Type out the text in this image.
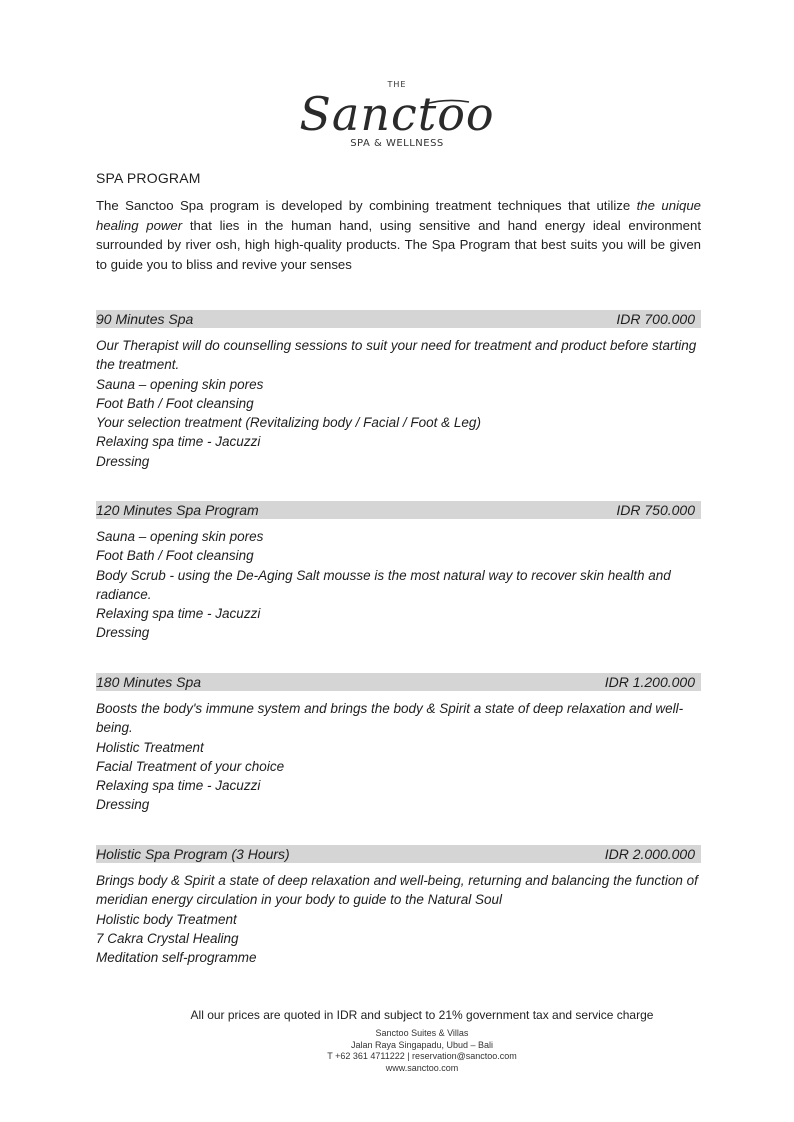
THE
Sanctoo
SPA & WELLNESS
SPA PROGRAM
The Sanctoo Spa program is developed by combining treatment techniques that utilize the unique healing power that lies in the human hand, using sensitive and hand energy ideal environment surrounded by river osh, high high-quality products. The Spa Program that best suits you will be given to guide you to bliss and revive your senses
90 Minutes Spa	IDR 700.000
Our Therapist will do counselling sessions to suit your need for treatment and product before starting the treatment.
Sauna – opening skin pores
Foot Bath / Foot cleansing
Your selection treatment (Revitalizing body / Facial / Foot & Leg)
Relaxing spa time - Jacuzzi
Dressing
120 Minutes Spa Program	IDR 750.000
Sauna – opening skin pores
Foot Bath / Foot cleansing
Body Scrub - using the De-Aging Salt mousse is the most natural way to recover skin health and radiance.
Relaxing spa time - Jacuzzi
Dressing
180 Minutes Spa	IDR 1.200.000
Boosts the body's immune system and brings the body & Spirit a state of deep relaxation and well-being.
Holistic Treatment
Facial Treatment of your choice
Relaxing spa time - Jacuzzi
Dressing
Holistic Spa Program (3 Hours)	IDR 2.000.000
Brings body & Spirit a state of deep relaxation and well-being, returning and balancing the function of meridian energy circulation in your body to guide to the Natural Soul
Holistic body Treatment
7 Cakra Crystal Healing
Meditation self-programme
All our prices are quoted in IDR and subject to 21% government tax and service charge
Sanctoo Suites & Villas
Jalan Raya Singapadu, Ubud – Bali
T +62 361 4711222 | reservation@sanctoo.com
www.sanctoo.com
